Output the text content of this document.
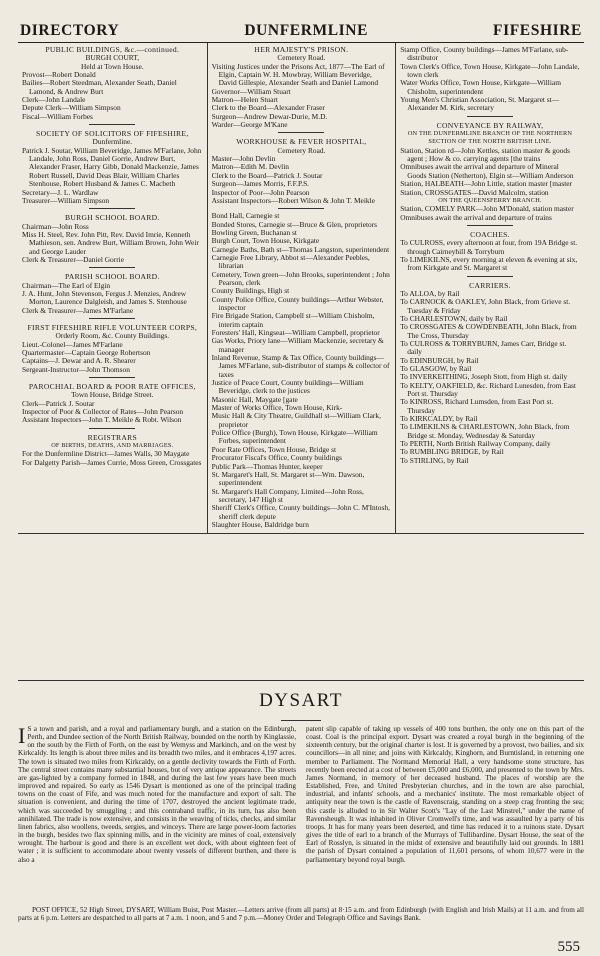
DIRECTORY	DUNFERMLINE	FIFESHIRE
PUBLIC BUILDINGS, &c.—continued.
BURGH COURT,
Held at Town House.
Provost—Robert Donald
Bailies—Robert Steedman, Alexander Seath, Daniel Lamond, & Andrew Burt
Clerk—John Landale
Depute Clerk—William Simpson
Fiscal—William Forbes
SOCIETY OF SOLICITORS OF FIFESHIRE,
Dunfermline.
Patrick J. Soutar, William Beveridge, James M'Farlane, John Landale, John Ross, Daniel Gorrie, Andrew Burt, Alexander Fraser, Harry Gibb, Donald Mackenzie, James Robert Russell, David Deas Blair, William Charles Stenhouse, Robert Husband & James C. Macbeth
Secretary—J. L. Wardlaw
Treasurer—William Simpson
BURGH SCHOOL BOARD.
Chairman—John Ross
Miss H. Steel, Rev. John Pitt, Rev. David Imrie, Kenneth Mathieson, sen. Andrew Burt, William Brown, John Weir and George Lauder
Clerk & Treasurer—Daniel Gorrie
PARISH SCHOOL BOARD.
Chairman—The Earl of Elgin
J. A. Hunt, John Stevenson, Fergus J. Menzies, Andrew Morton, Laurence Dalgleish, and James S. Stenhouse
Clerk & Treasurer—James M'Farlane
FIRST FIFESHIRE RIFLE VOLUNTEER CORPS,
Orderly Room, &c. County Buildings.
Lieut.-Colonel—James M'Farlane
Quartermaster—Captain George Robertson
Captains—J. Dewar and A. R. Shearer
Sergeant-Instructor—John Thomson
PAROCHIAL BOARD & POOR RATE OFFICES,
Town House, Bridge Street.
Clerk—Patrick J. Soutar
Inspector of Poor & Collector of Rates—John Pearson
Assistant Inspectors—John T. Meikle & Robt. Wilson
REGISTRARS
OF BIRTHS, DEATHS, AND MARRIAGES.
For the Dunfermline District—James Walls, 30 Maygate
For Dalgetty Parish—James Currie, Moss Green, Crossgates
HER MAJESTY'S PRISON.
Cemetery Road.
Visiting Justices under the Prisons Act, 1877—The Earl of Elgin, Captain W. H. Mowbray, William Beveridge, David Gillespie, Alexander Seath and Daniel Lamond
Governor—William Stuart
Matron—Helen Stuart
Clerk to the Board—Alexander Fraser
Surgeon—Andrew Dewar-Durie, M.D.
Warder—George M'Kane
WORKHOUSE & FEVER HOSPITAL,
Cemetery Road.
Master—John Devlin
Matron—Edith M. Devlin
Clerk to the Board—Patrick J. Soutar
Surgeon—James Morris, F.F.P.S.
Inspector of Poor—John Pearson
Assistant Inspectors—Robert Wilson & John T. Meikle
Bond Hall, Carnegie st
Bonded Stores, Carnegie st—Bruce & Glen, proprietors
Bowling Green, Buchanan st
Burgh Court, Town House, Kirkgate
Carnegie Baths, Bath st—Thomas Langston, superintendent
Carnegie Free Library, Abbot st—Alexander Peebles, librarian
Cemetery, Town green—John Brooks, superintendent ; John Pearson, clerk
County Buildings, High st
County Police Office, County buildings—Arthur Webster, inspector
Fire Brigade Station, Campbell st—William Chisholm, interim captain
Foresters' Hall, Kingseat—William Campbell, proprietor
Gas Works, Priory lane—William Mackenzie, secretary & manager
Inland Revenue, Stamp & Tax Office, County buildings—James M'Farlane, sub-distributor of stamps & collector of taxes
Justice of Peace Court, County buildings—William Beveridge, clerk to the justices
Masonic Hall, Maygate [gate
Master of Works Office, Town House, Kirk-
Music Hall & City Theatre, Guildhall st—William Clark, proprietor
Police Office (Burgh), Town House, Kirkgate—William Forbes, superintendent
Poor Rate Offices, Town House, Bridge st
Procurator Fiscal's Office, County buildings
Public Park—Thomas Hunter, keeper
St. Margaret's Hall, St. Margaret st—Wm. Dawson, superintendent
St. Margaret's Hall Company, Limited—John Ross, secretary, 147 High st
Sheriff Clerk's Office, County buildings—John C. M'Intosh, sheriff clerk depute
Slaughter House, Baldridge burn
Stamp Office, County buildings—James M'Farlane, sub-distributor
Town Clerk's Office, Town House, Kirkgate—John Landale, town clerk
Water Works Office, Town House, Kirkgate—William Chisholm, superintendent
Young Men's Christian Association, St. Margaret st—Alexander M. Kirk, secretary
CONVEYANCE BY RAILWAY,
ON THE DUNFERMLINE BRANCH OF THE NORTHERN SECTION OF THE NORTH BRITISH LINE.
Station, Station rd—John Kettles, station master & goods agent ; How & co. carrying agents [the trains
Omnibuses await the arrival and departure of Mineral Goods Station (Netherton), Elgin st—William Anderson
Station, HALBEATH—John Little, station master [master
Station, CROSSGATES—David Malcolm, station
ON THE QUEENSFERRY BRANCH.
Station, COMELY PARK—John M'Donald, station master
Omnibuses await the arrival and departure of trains
COACHES.
To CULROSS, every afternoon at four, from 19A Bridge st. through Cairneyhill & Torryburn
To LIMEKILNS, every morning at eleven & evening at six, from Kirkgate and St. Margaret st
CARRIERS.
To ALLOA, by Rail
To CARNOCK & OAKLEY, John Black, from Grieve st. Tuesday & Friday
To CHARLESTOWN, daily by Rail
To CROSSGATES & COWDENBEATH, John Black, from The Cross, Thursday
To CULROSS & TORRYBURN, James Carr, Bridge st. daily
To EDINBURGH, by Rail
To GLASGOW, by Rail
To INVERKEITHING, Joseph Stott, from High st. daily
To KELTY, OAKFIELD, &c. Richard Lunesden, from East Port st. Thursday
To KINROSS, Richard Lumsden, from East Port st. Thursday
To KIRKCALDY, by Rail
To LIMEKILNS & CHARLESTOWN, John Black, from Bridge st. Monday, Wednesday & Saturday
To PERTH, North British Railway Company, daily
To RUMBLING BRIDGE, by Rail
To STIRLING, by Rail
DYSART
I S a town and parish, and a royal and parliamentary burgh, and a station on the Edinburgh, Perth, and Dundee section of the North British Railway, bounded on the north by Kinglassie, on the south by the Firth of Forth, on the east by Wemyss and Markinch, and on the west by Kirkcaldy. Its length is about three miles and its breadth two miles, and it embraces 4,197 acres. The town is situated two miles from Kirkcaldy, on a gentle declivity towards the Firth of Forth. The central street contains many substantial houses, but of very antique appearance. The streets are gas-lighted by a company formed in 1848, and during the last few years have been much improved and repaired. So early as 1546 Dysart is mentioned as one of the principal trading towns on the coast of Fife, and was much noted for the manufacture and export of salt. The situation is convenient, and during the time of 1707, destroyed the ancient legitimate trade, which was succeeded by smuggling ; and this contraband traffic, in its turn, has also been annihilated. The trade is now extensive, and consists in the weaving of ticks, checks, and similar linen fabrics, also woollens, tweeds, sergies, and winceys. There are large power-loom factories in the burgh, besides two flax spinning mills, and in the vicinity are mines of coal, extensively wrought. The harbour is good and there is an excellent wet dock, with about eighteen feet of water ; it is sufficient to accommodate about twenty vessels of different burthen, and there is also a
patent slip capable of taking up vessels of 400 tons burthen, the only one on this part of the coast. Coal is the principal export. Dysart was created a royal burgh in the beginning of the sixteenth century, but the original charter is lost. It is governed by a provost, two bailies, and six councillors—in all nine; and joins with Kirkcaldy, Kinghorn, and Burntisland, in returning one member to Parliament. The Normand Memorial Hall, a very handsome stone structure, has recently been erected at a cost of between £5,000 and £6,000, and presented to the town by Mrs. James Normand, in memory of her deceased husband. The places of worship are the Established, Free, and United Presbyterian churches, and in the town are also parochial, industrial, and infants' schools, and a mechanics' institute. The most remarkable object of antiquity near the town is the castle of Ravenscraig, standing on a steep crag fronting the sea; this castle is alluded to in Sir Walter Scott's "Lay of the Last Minstrel," under the name of Ravensheugh. It was inhabited in Oliver Cromwell's time, and was assaulted by a party of his troops. It has for many years been deserted, and time has reduced it to a ruinous state. Dysart gives the title of earl to a branch of the Murrays of Tullibardine. Dysart House, the seat of the Earl of Rosslyn, is situated in the midst of extensive and beautifully laid out grounds. In 1881 the parish of Dysart contained a population of 11,601 persons, of whom 10,677 were in the parliamentary beyond royal burgh.
POST OFFICE, 52 High Street, DYSART, William Buist, Post Master.—Letters arrive (from all parts) at 8·15 a.m. and from Edinburgh (with English and Irish Mails) at 11 a.m. and from all parts at 6 p.m. Letters are despatched to all parts at 7 a.m. 1 noon, and 5 and 7 p.m.—Money Order and Telegraph Office and Savings Bank.
555
